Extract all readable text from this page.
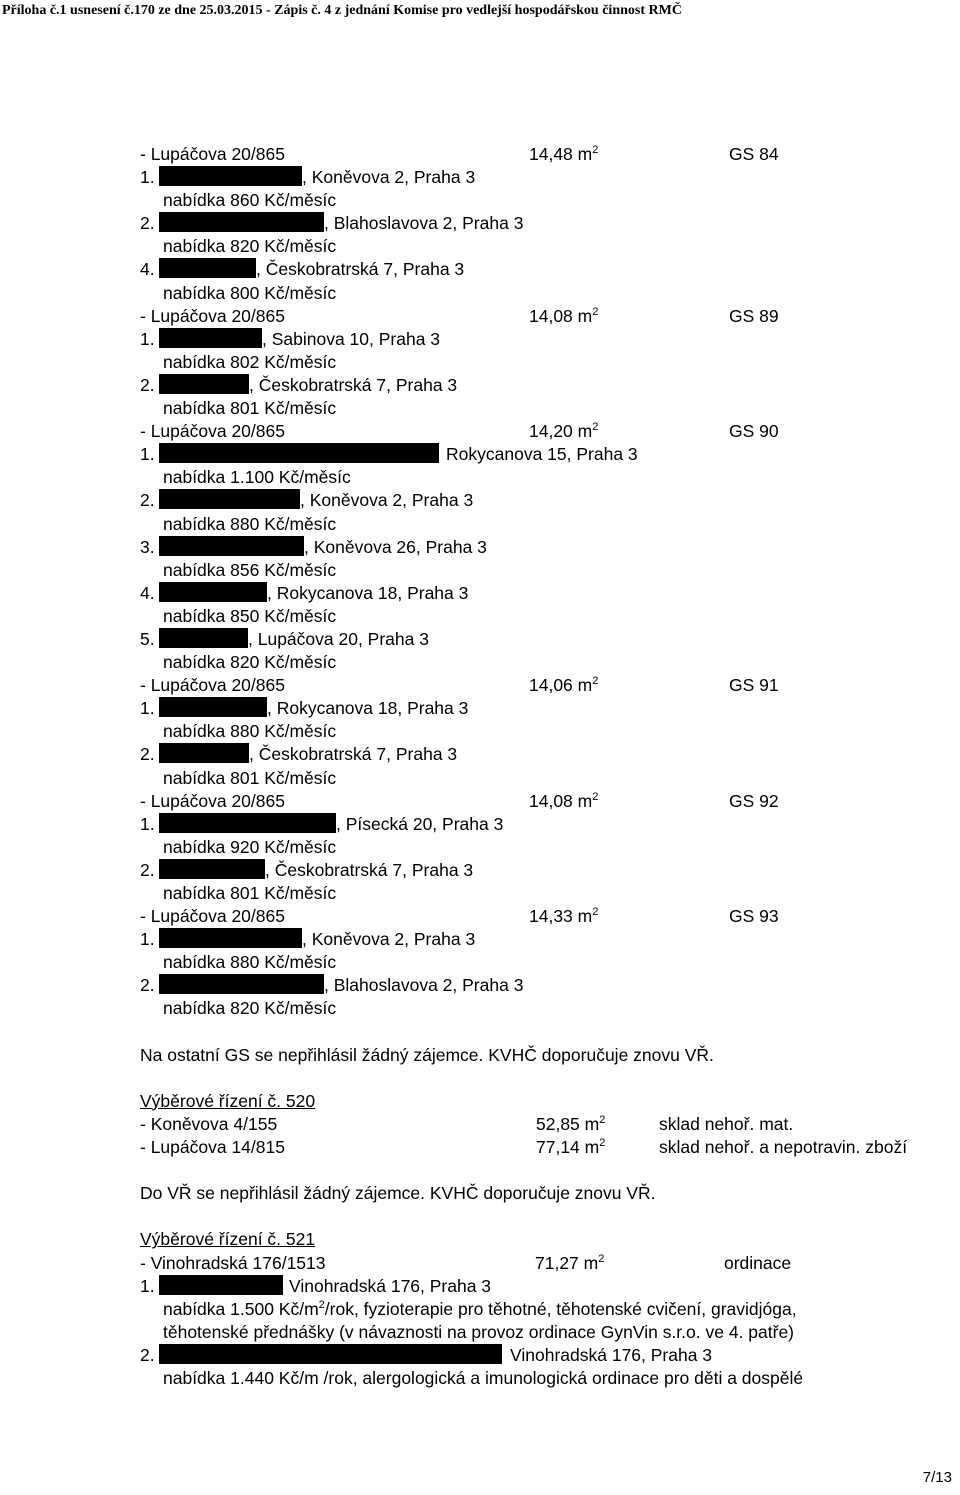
Příloha č.1 usnesení č.170 ze dne 25.03.2015 - Zápis č. 4 z jednání Komise pro vedlejší hospodářskou činnost RMČ
- Lupáčova 20/865	14,48 $m^2$	GS 84
1.	, Koněvova 2, Praha 3
nabídka 860 Kč/měsíc
2.	, Blahoslavova 2, Praha 3
nabídka 820 Kč/měsíc
4.	, Českobratrská 7, Praha 3
nabídka 800 Kč/měsíc
- Lupáčova 20/865	14,08 $m^2$	GS 89
1.	, Sabinova 10, Praha 3
nabídka 802 Kč/měsíc
2.	, Českobratrská 7, Praha 3
nabídka 801 Kč/měsíc
- Lupáčova 20/865	14,20 $m^2$	GS 90
1.	Rokycanova 15, Praha 3
nabídka 1.100 Kč/měsíc
2.	, Koněvova 2, Praha 3
nabídka 880 Kč/měsíc
3.	, Koněvova 26, Praha 3
nabídka 856 Kč/měsíc
4.	, Rokycanova 18, Praha 3
nabídka 850 Kč/měsíc
5.	, Lupáčova 20, Praha 3
nabídka 820 Kč/měsíc
- Lupáčova 20/865	14,06 $m^2$	GS 91
1.	, Rokycanova 18, Praha 3
nabídka 880 Kč/měsíc
2.	, Českobratrská 7, Praha 3
nabídka 801 Kč/měsíc
- Lupáčova 20/865	14,08 $m^2$	GS 92
1.	, Písecká 20, Praha 3
nabídka 920 Kč/měsíc
2.	, Českobratrská 7, Praha 3
nabídka 801 Kč/měsíc
- Lupáčova 20/865	14,33 $m^2$	GS 93
1.	, Koněvova 2, Praha 3
nabídka 880 Kč/měsíc
2.	, Blahoslavova 2, Praha 3
nabídka 820 Kč/měsíc
Na ostatní GS se nepřihlásil žádný zájemce. KVHČ doporučuje znovu VŘ.
Výběrové řízení č. 520
- Koněvova 4/155	52,85 $m^2$	sklad nehoř. mat.
- Lupáčova 14/815	77,14 $m^2$	sklad nehoř. a nepotravin. zboží
Do VŘ se nepřihlásil žádný zájemce. KVHČ doporučuje znovu VŘ.
Výběrové řízení č. 521
- Vinohradská 176/1513	71,27 $m^2$	ordinace
1.	Vinohradská 176, Praha 3
nabídka 1.500 $Kč/m^2$/rok, fyzioterapie pro těhotné, těhotenské cvičení, gravidjóga,
těhotenské přednášky (v návaznosti na provoz ordinace GynVin s.r.o. ve 4. patře)
2.	Vinohradská 176, Praha 3
nabídka 1.440 Kč/m /rok, alergologická a imunologická ordinace pro děti a dospělé
7/13
